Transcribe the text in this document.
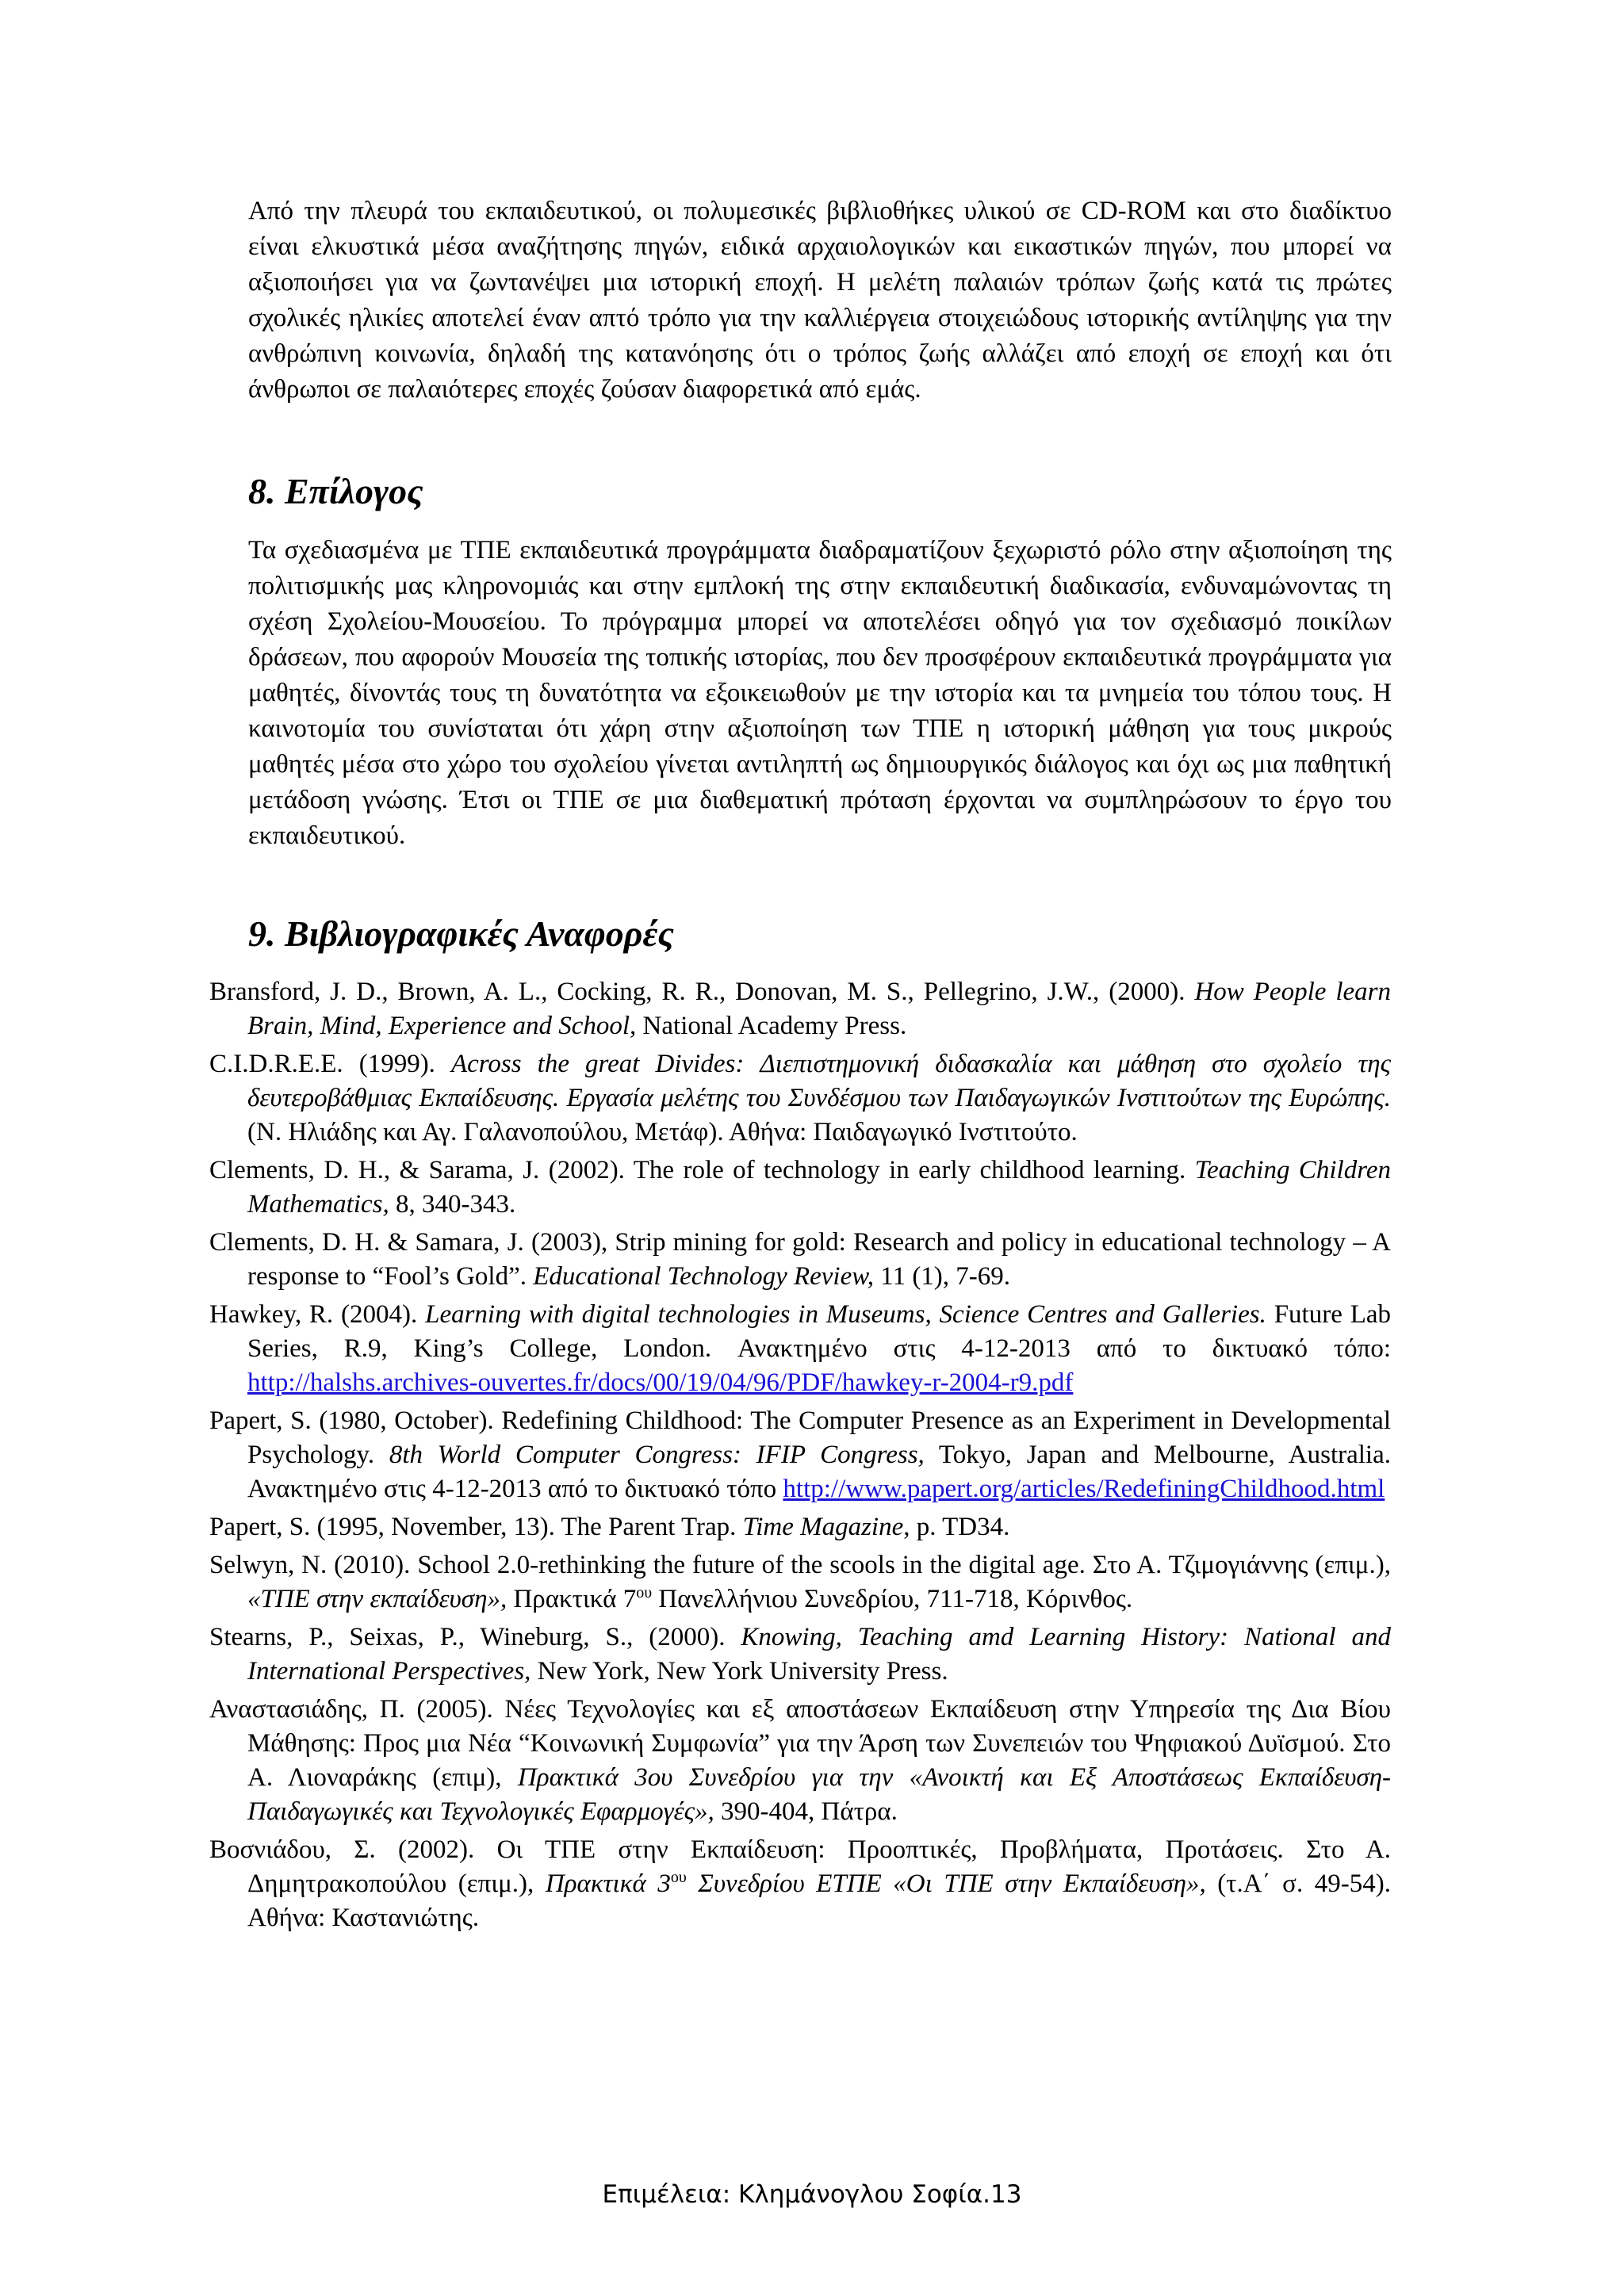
Από την πλευρά του εκπαιδευτικού, οι πολυμεσικές βιβλιοθήκες υλικού σε CD-ROM και στο διαδίκτυο είναι ελκυστικά μέσα αναζήτησης πηγών, ειδικά αρχαιολογικών και εικαστικών πηγών, που μπορεί να αξιοποιήσει για να ζωντανέψει μια ιστορική εποχή. Η μελέτη παλαιών τρόπων ζωής κατά τις πρώτες σχολικές ηλικίες αποτελεί έναν απτό τρόπο για την καλλιέργεια στοιχειώδους ιστορικής αντίληψης για την ανθρώπινη κοινωνία, δηλαδή της κατανόησης ότι ο τρόπος ζωής αλλάζει από εποχή σε εποχή και ότι άνθρωποι σε παλαιότερες εποχές ζούσαν διαφορετικά από εμάς.

8. Επίλογος

Τα σχεδιασμένα με ΤΠΕ εκπαιδευτικά προγράμματα διαδραματίζουν ξεχωριστό ρόλο στην αξιοποίηση της πολιτισμικής μας κληρονομιάς και στην εμπλοκή της στην εκπαιδευτική διαδικασία, ενδυναμώνοντας τη σχέση Σχολείου-Μουσείου. Το πρόγραμμα μπορεί να αποτελέσει οδηγό για τον σχεδιασμό ποικίλων δράσεων, που αφορούν Μουσεία της τοπικής ιστορίας, που δεν προσφέρουν εκπαιδευτικά προγράμματα για μαθητές, δίνοντάς τους τη δυνατότητα να εξοικειωθούν με την ιστορία και τα μνημεία του τόπου τους. Η καινοτομία του συνίσταται ότι χάρη στην αξιοποίηση των ΤΠΕ η ιστορική μάθηση για τους μικρούς μαθητές μέσα στο χώρο του σχολείου γίνεται αντιληπτή ως δημιουργικός διάλογος και όχι ως μια παθητική μετάδοση γνώσης. Έτσι οι ΤΠΕ σε μια διαθεματική πρόταση έρχονται να συμπληρώσουν το έργο του εκπαιδευτικού.

9. Βιβλιογραφικές Αναφορές
Bransford, J. D., Brown, A. L., Cocking, R. R., Donovan, M. S., Pellegrino, J.W., (2000). How People learn Brain, Mind, Experience and School, National Academy Press.
C.I.D.R.E.E. (1999). Across the great Divides: Διεπιστημονική διδασκαλία και μάθηση στο σχολείο της δευτεροβάθμιας Εκπαίδευσης. Εργασία μελέτης του Συνδέσμου των Παιδαγωγικών Ινστιτούτων της Ευρώπης. (Ν. Ηλιάδης και Αγ. Γαλανοπούλου, Μετάφ). Αθήνα: Παιδαγωγικό Ινστιτούτο.
Clements, D. H., & Sarama, J. (2002). The role of technology in early childhood learning. Teaching Children Mathematics, 8, 340-343.
Clements, D. H. & Samara, J. (2003), Strip mining for gold: Research and policy in educational technology – A response to “Fool’s Gold”. Educational Technology Review, 11 (1), 7-69.
Hawkey, R. (2004). Learning with digital technologies in Museums, Science Centres and Galleries. Future Lab Series, R.9, King’s College, London. Ανακτημένο στις 4-12-2013 από το δικτυακό τόπο: http://halshs.archives-ouvertes.fr/docs/00/19/04/96/PDF/hawkey-r-2004-r9.pdf
Papert, S. (1980, October). Redefining Childhood: The Computer Presence as an Experiment in Developmental Psychology. 8th World Computer Congress: IFIP Congress, Tokyo, Japan and Melbourne, Australia. Ανακτημένο στις 4-12-2013 από το δικτυακό τόπο http://www.papert.org/articles/RedefiningChildhood.html
Papert, S. (1995, November, 13). The Parent Trap. Time Magazine, p. TD34.
Selwyn, N. (2010). School 2.0-rethinking the future of the scools in the digital age. Στο Α. Τζιμογιάννης (επιμ.), «ΤΠΕ στην εκπαίδευση», Πρακτικά $7^{o\upsilon}$ Πανελλήνιου Συνεδρίου, 711-718, Κόρινθος.
Stearns, P., Seixas, P., Wineburg, S., (2000). Knowing, Teaching amd Learning History: National and International Perspectives, New York, New York University Press.
Αναστασιάδης, Π. (2005). Νέες Τεχνολογίες και εξ αποστάσεων Εκπαίδευση στην Υπηρεσία της Δια Βίου Μάθησης: Προς μια Νέα “Κοινωνική Συμφωνία” για την Άρση των Συνεπειών του Ψηφιακού Δυϊσμού. Στο Α. Λιοναράκης (επιμ), Πρακτικά 3ου Συνεδρίου για την «Ανοικτή και Εξ Αποστάσεως Εκπαίδευση-Παιδαγωγικές και Τεχνολογικές Εφαρμογές», 390-404, Πάτρα.
Βοσνιάδου, Σ. (2002). Οι ΤΠΕ στην Εκπαίδευση: Προοπτικές, Προβλήματα, Προτάσεις. Στο Α. Δημητρακοπούλου (επιμ.), Πρακτικά $3^{o\upsilon}$ Συνεδρίου ΕΤΠΕ «Οι ΤΠΕ στην Εκπαίδευση», (τ.Α΄ σ. 49-54). Αθήνα: Καστανιώτης.
Επιμέλεια: Κλημάνογλου Σοφία.13
